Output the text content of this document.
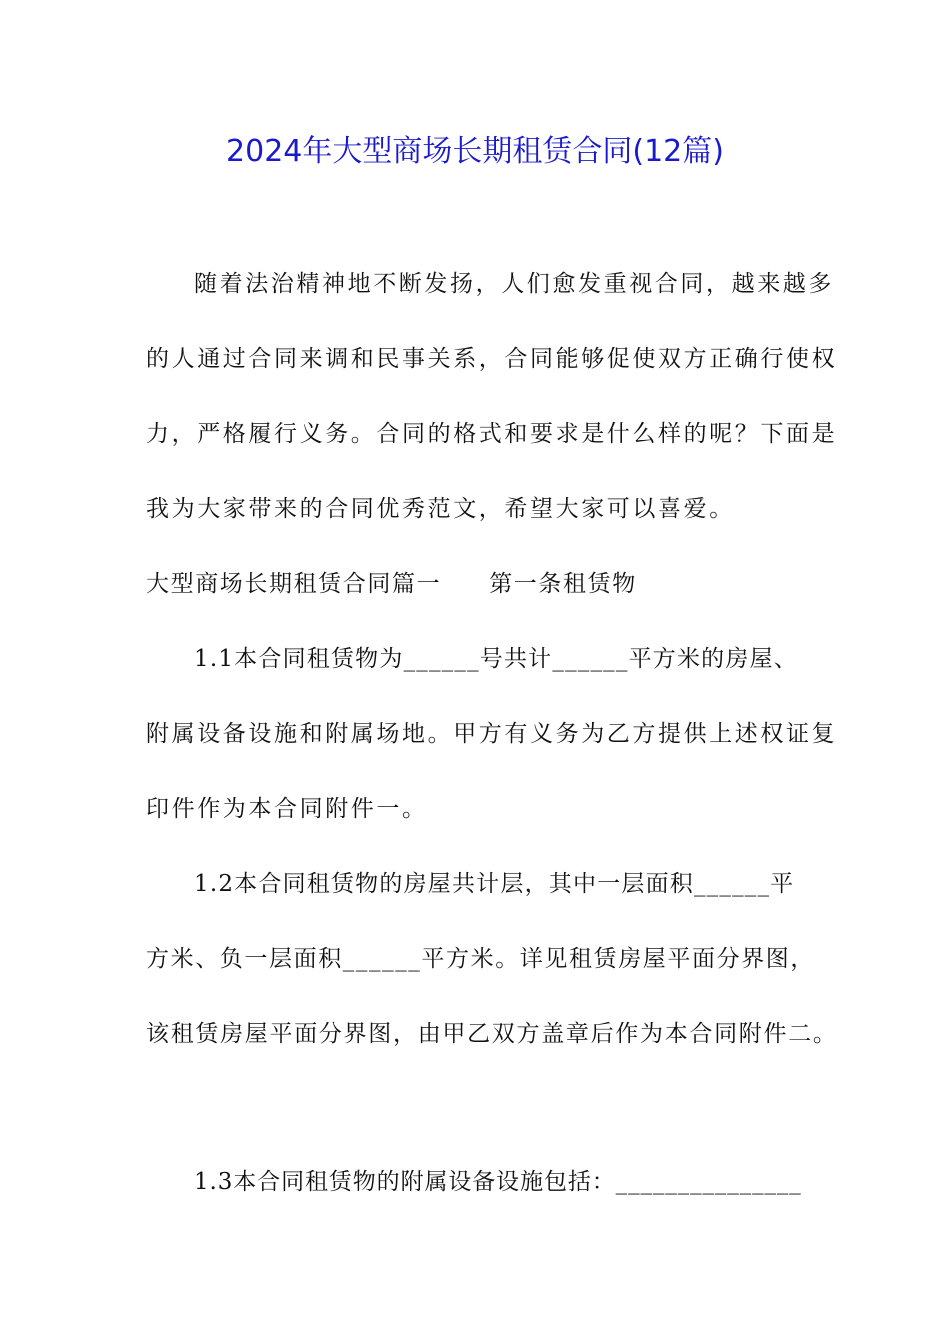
2024年大型商场长期租赁合同(12篇)
随着法治精神地不断发扬，人们愈发重视合同，越来越多
的人通过合同来调和民事关系，合同能够促使双方正确行使权
力，严格履行义务。合同的格式和要求是什么样的呢？下面是
我为大家带来的合同优秀范文，希望大家可以喜爱。
大型商场长期租赁合同篇一 第一条租赁物
1.1本合同租赁物为______号共计______平方米的房屋、
附属设备设施和附属场地。甲方有义务为乙方提供上述权证复
印件作为本合同附件一。
1.2本合同租赁物的房屋共计层，其中一层面积______平
方米、负一层面积______平方米。详见租赁房屋平面分界图，
该租赁房屋平面分界图，由甲乙双方盖章后作为本合同附件二。
1.3本合同租赁物的附属设备设施包括：_______________
